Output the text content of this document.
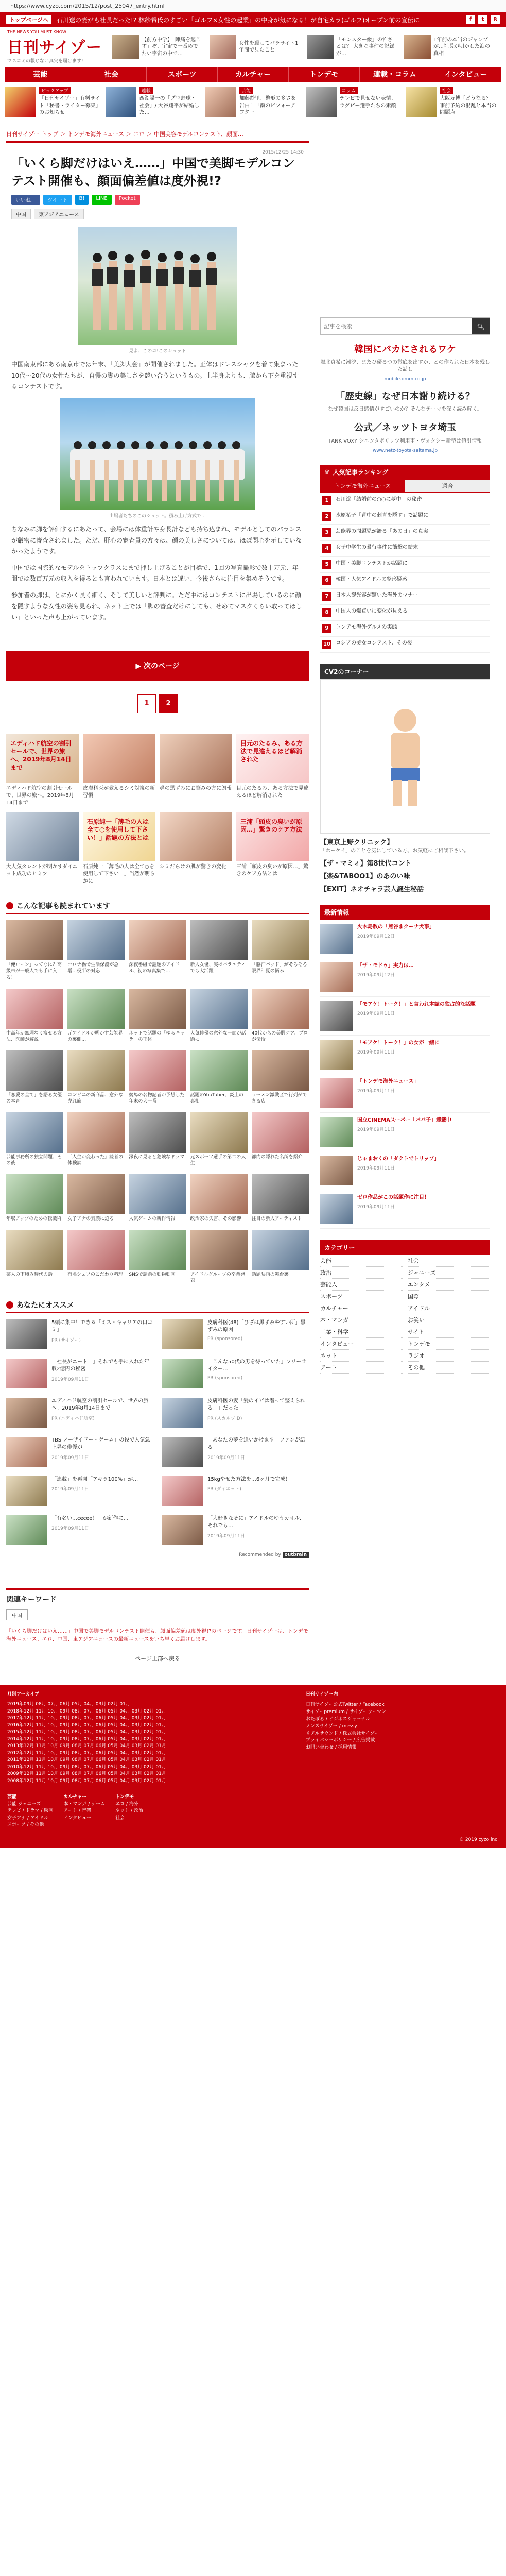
https://www.cyzo.com/2015/12/post_25047_entry.html
トップページへ	石川遼の妻がも社長だった!? 林紗希氏のすごい「ゴルフ×女性の起業」の中身が気になる！が自宅カラ(ゴルフ)オープン前の宣伝に	f	t	R
THE NEWS YOU MUST KNOW
日刊サイゾー
マスコミの報じない真実を届けます!
【前方中学】「陣痛を起こす」ぞ、宇宙で一番めでたい宇宙の中で…
女性を殺してパラサイト1年間で見たこと
「モンスター級」の怖さとは？ 大きな事件の記録が…
1年前の本当のジャンプが…社長が明かした涙の真相
芸能	社会	スポーツ	カルチャー	トンデモ	連載・コラム	インタビュー
ピックアップ
「日刊サイゾー」有料サイト「秘書・ライター募集」のお知らせ
連載
西湖陽一の「プロ野球・社会」/ 大谷翔平が結婚した…
芸能
加藤紗里、整形の多さを告白！「顔のビフォーアフター」
コラム
テレビで見せない表情、ラグビー選手たちの素顔
社会
大阪万博「どうなる？」事前予約の混乱と本当の問題点
日刊サイゾー トップ ＞ トンデモ海外ニュース ＞ エロ ＞ 中国美容モデルコンテスト、顔面…
2015/12/25 14:30
「いくら脚だけはいえ……」中国で美脚モデルコンテスト開催も、顔面偏差値は度外視!?
いいね！	ツイート	B!	LINE	Pocket
中国	東アジアニュース
見よ、このコ!このショット

中国南東部にある南京市では年末、「美脚大会」が開催されました。正体はドレスシャツを着て集まった10代〜20代の女性たちが、自慢の脚の美しさを競い合うというもの。上半身よりも、膝から下を重視するコンテストです。

出場者たちのこのショット。積み上げ方式で…

ちなみに脚を評価するにあたって、会場には体重計や身長計なども持ち込まれ、モデルとしてのバランスが厳密に審査されました。ただ、肝心の審査員の方々は、顔の美しさについては、ほぼ関心を示していなかったようです。

中国では国際的なモデルをトップクラスにまで押し上げることが目標で、1回の写真撮影で数十万元、年間では数百万元の収入を得るとも言われています。日本とは違い、今後さらに注目を集めそうです。

参加者の脚は、とにかく長く細く、そして美しいと評判に。ただ中にはコンテストに出場しているのに顔を隠すような女性の姿も見られ、ネット上では「脚の審査だけにしても、せめてマスクくらい取ってほしい」といった声も上がっています。

▶ 次のページ
1	2
エディハド航空の割引セールで、世界の旅へ、2019年8月14日まで
エディハド航空の割引セールで、世界の旅へ。2019年8月14日まで
皮膚科医が教えるシミ対策の新習慣
鼻の黒ずみにお悩みの方に朗報
目元のたるみ、ある方法で見違えるほど解消された
目元のたるみ、ある方法で見違えるほど解消された
大人気タレントが明かすダイエット成功のヒミツ
石原純一「薄毛の人は全て○を使用して下さい！」話題の方法とは
石原純一「薄毛の人は全て○を使用して下さい！」当然が明らかに
シミだらけの肌が驚きの変化
三浦「頭皮の臭いが原因…」驚きのケア方法
三浦「頭皮の臭いが原因…」驚きのケア方法とは
こんな記事も読まれています
「俺ローン」ってなに？高級車が一般人でも手に入る！
コロナ禍で生活保護が急増…役所の対応
深夜番組で話題のアイドル、初の写真集で…
新人女優、実はバラエティでも大活躍
「脇汗パッド」がそろそろ限界？夏の悩み
中高年が無理なく痩せる方法、医師が解説
元アイドルが明かす芸能界の裏側…
ネットで話題の「ゆるキャラ」の正体
人気俳優の意外な一面が話題に
40代からの美肌ケア、プロが伝授
「恋愛の全て」を語る女優の本音
コンビニの新商品、意外な売れ筋
競馬の名物記者が予想した年末の大一番
話題のYouTuber、炎上の真相
ラーメン激戦区で行列ができる店
芸能事務所の独立問題、その後
「人生が変わった」読者の体験談
深夜に見ると危険なドラマ	元スポーツ選手の第二の人生
都内の隠れた名所を紹介
年収アップのための転職術	女子アナの素顔に迫る	人気ゲームの新作情報	政治家の失言、その影響	注目の新人アーティスト
芸人の下積み時代の話	有名シェフのこだわり料理	SNSで話題の動物動画	アイドルグループの卒業発表
話題映画の舞台裏
あなたにオススメ
5頭に集中！できる「ミス・キャリアの口コミ」
PR (サイゾー)
皮膚科医(48)「ひざは黒ずみやすい所」黒ずみの原因
PR (sponsored)
「社長がニート！」それでも手に入れた年収2億円の秘密
2019年09月11日
「こんな50代の男を待っていた」フリーライター…
PR (sponsored)
エディハド航空の割引セールで、世界の旅へ。2019年8月14日まで
PR (エディハド航空)
皮膚科医の妻「髪のイビは潜って整えられる！」だった
PR (スカルプ D)
TBS ノーザイドー・ゲーム」の役で人気急上昇の俳優が
2019年09月11日
「あなたの夢を追いかけます」ファンが語る
2019年09月11日
「連載」を再開「アキラ100%」が…
2019年09月11日
15kgやせた方法を…6ヶ月で完成！
PR (ダイエット)
「有名い…cecee！」が新作に…
2019年09月11日
「大好きなそに」アイドルのゆうカオル、それでも…
2019年09月11日
Recommended by outbrain
関連キーワード
中国
「いくら脚だけはいえ……」中国で美脚モデルコンテスト開催も、顔面偏差値は度外視!?のページです。日刊サイゾーは、トンデモ海外ニュース、エロ、中国、東アジアニュースの最新ニュースをいち早くお届けします。
ページ上部へ戻る
記事を検索
🔍︎
韓国にバカにされるワケ
堀北真希に潮汐、またひ優るつの徹底を出すか、との作られた日本を残した話し
mobile.dmm.co.jp
「歴史線」なぜ日本謝り続ける？
なぜ韓国は反日感情がすごいのか？そんなテーマを深く読み解く。
公式／ネッツトヨタ埼玉
TANK VOXY シエンタポリッツ利用車・ヴォクシー新型は値引情報
www.netz-toyota-saitama.jp
♛ 人気記事ランキング
トンデモ海外ニュース	週合
1	石川遼「結婚前の○○に夢中」の秘密
2	水原希子「背中の刺青を隠す」で話題に
3	芸能界の問題児が語る「あの日」の真実
4	女子中学生の暴行事件に衝撃の結末
5	中国・美脚コンテストが話題に
6	韓国・人気アイドルの整形疑惑
7	日本人観光客が驚いた海外のマナー
8	中国人の爆買いに変化が見える
9	トンデモ海外グルメの実態
10 ロシアの美女コンテスト、その後
CV2のコーナー
【東京上野クリニック】
「ホーケイ」のことを気にしている方、お気軽にご相談下さい。
【ザ・マミィ】第8世代コント
【楽&TABOO1】のあのい味
【EXIT】ネオチャラ芸人誕生秘話
最新情報
火木島教の「熊谷まクーナ犬事」
2019年09月12日
「ザ・モドゥ」実力は…
2019年09月12日
「モアケ！トーク！」と言われ本誌の独占的な話題
2019年09月11日
「モアケ！トーク！」の女が一緒に
2019年09月11日
「トンデモ海外ニュース」
2019年09月11日
国立CINEMAスーパー「ババ子」連載中
2019年09月11日
じゃまおくの「ダクトでトリップ」
2019年09月11日
ゼロ作品がこの話題作に注目！
2019年09月11日
カテゴリー
芸能	社会
政治	ジャニーズ
芸能人	エンタメ
スポーツ	国際
カルチャー	アイドル
本・マンガ	お笑い
工業・科学	サイト
インタビュー	トンデモ
ネット	ラジオ
アート	その他
月別アーカイブ
2019年09月 08月 07月 06月 05月 04月 03月 02月 01月
2018年12月 11月 10月 09月 08月 07月 06月 05月 04月 03月 02月 01月
2017年12月 11月 10月 09月 08月 07月 06月 05月 04月 03月 02月 01月
2016年12月 11月 10月 09月 08月 07月 06月 05月 04月 03月 02月 01月
2015年12月 11月 10月 09月 08月 07月 06月 05月 04月 03月 02月 01月
2014年12月 11月 10月 09月 08月 07月 06月 05月 04月 03月 02月 01月
2013年12月 11月 10月 09月 08月 07月 06月 05月 04月 03月 02月 01月
2012年12月 11月 10月 09月 08月 07月 06月 05月 04月 03月 02月 01月
2011年12月 11月 10月 09月 08月 07月 06月 05月 04月 03月 02月 01月
2010年12月 11月 10月 09月 08月 07月 06月 05月 04月 03月 02月 01月
2009年12月 11月 10月 09月 08月 07月 06月 05月 04月 03月 02月 01月
2008年12月 11月 10月 09月 08月 07月 06月 05月 04月 03月 02月 01月
日刊サイゾー内
日刊サイゾー公式Twitter / Facebook
サイゾーpremium / サイゾーウーマン
おたぽる / ビジネスジャーナル
メンズサイゾー / messy
リアルサウンド / 株式会社サイゾー
プライバシーポリシー / 広告掲載
お問い合わせ / 採用情報
芸能
芸能 ジャニーズ
テレビ / ドラマ / 映画
女子アナ / アイドル
スポーツ / その他
カルチャー
本・マンガ / ゲーム
アート / 音楽
インタビュー
トンデモ
エロ / 海外
ネット / 政治
社会
© 2019 cyzo inc.
